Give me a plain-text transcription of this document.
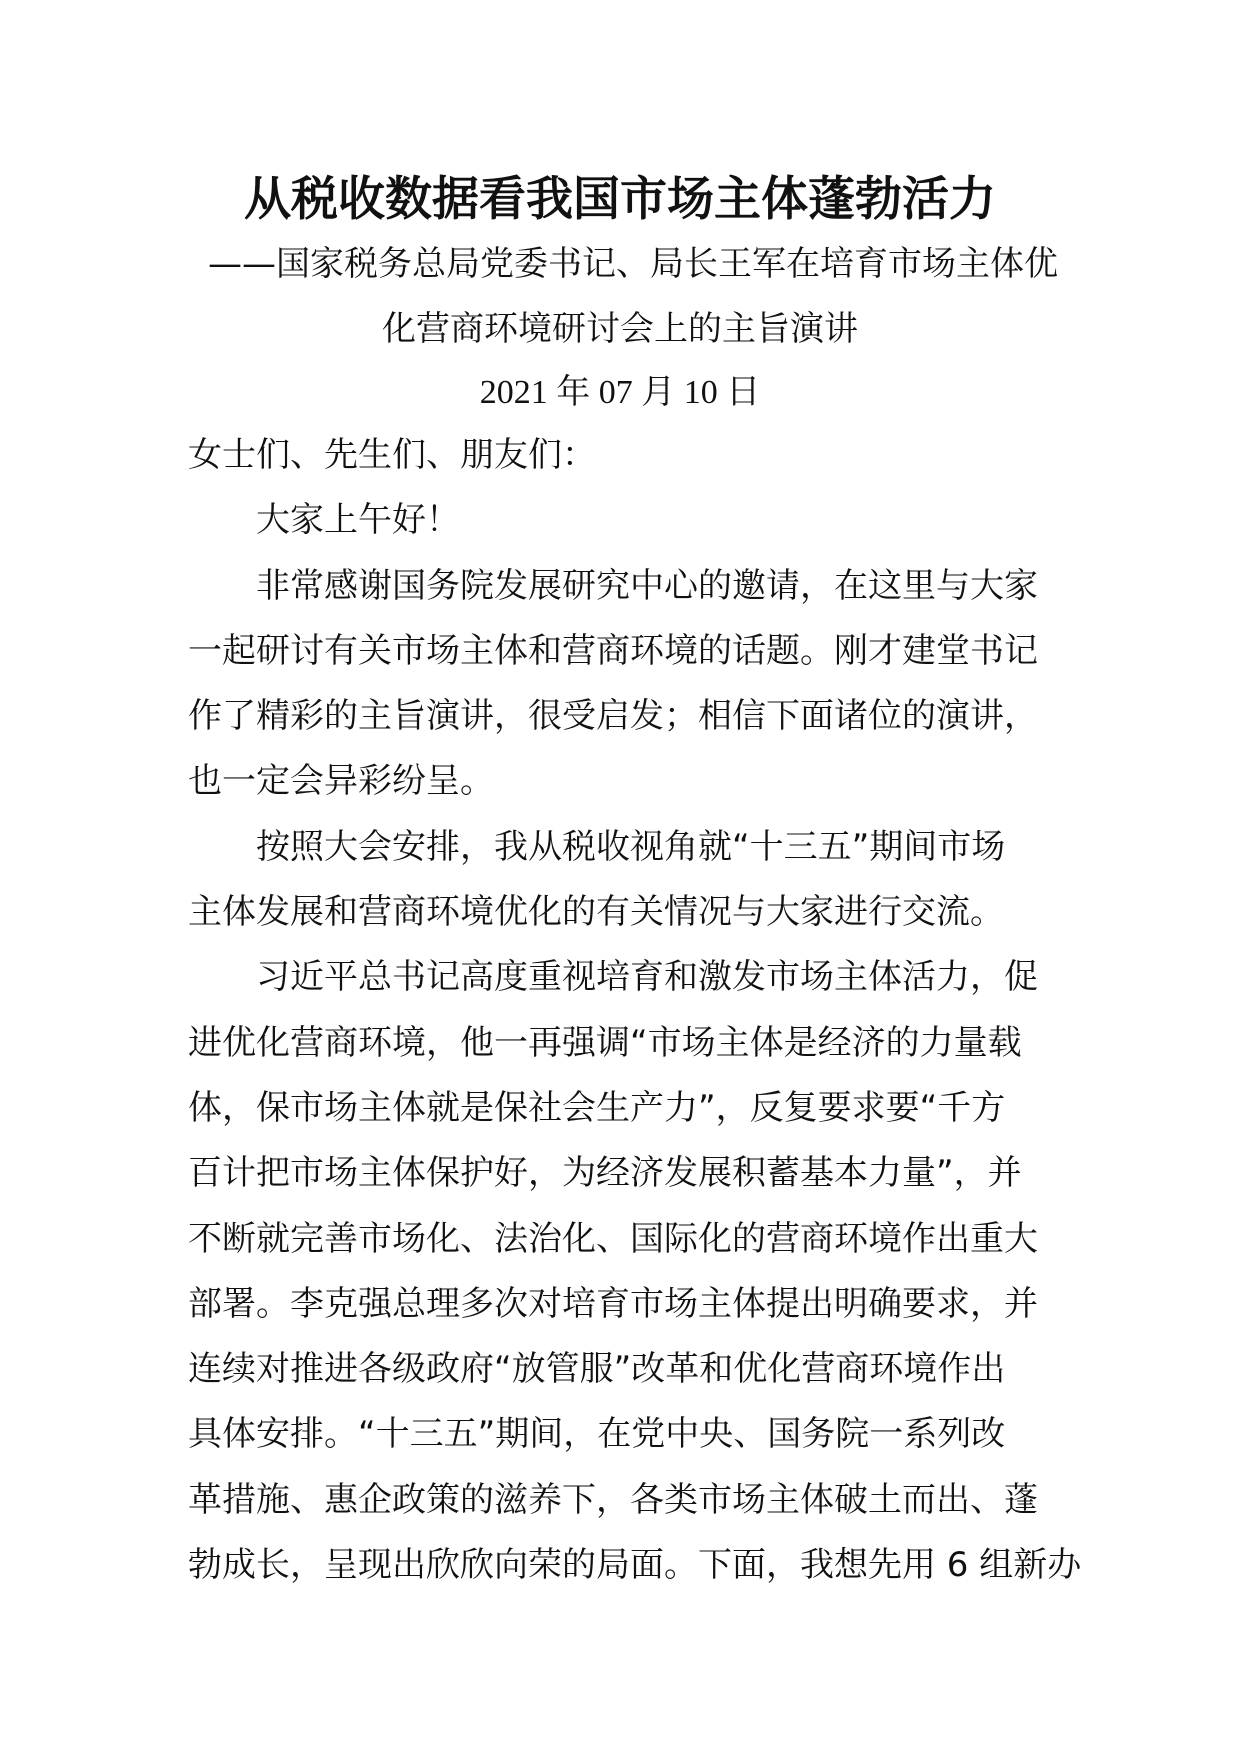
从税收数据看我国市场主体蓬勃活力
——国家税务总局党委书记、局长王军在培育市场主体优
化营商环境研讨会上的主旨演讲
2021 年 07 月 10 日
女士们、先生们、朋友们：
大家上午好！
非常感谢国务院发展研究中心的邀请，在这里与大家
一起研讨有关市场主体和营商环境的话题。刚才建堂书记
作了精彩的主旨演讲，很受启发；相信下面诸位的演讲，
也一定会异彩纷呈。
按照大会安排，我从税收视角就“十三五”期间市场
主体发展和营商环境优化的有关情况与大家进行交流。
习近平总书记高度重视培育和激发市场主体活力，促
进优化营商环境，他一再强调“市场主体是经济的力量载
体，保市场主体就是保社会生产力”，反复要求要“千方
百计把市场主体保护好，为经济发展积蓄基本力量”，并
不断就完善市场化、法治化、国际化的营商环境作出重大
部署。李克强总理多次对培育市场主体提出明确要求，并
连续对推进各级政府“放管服”改革和优化营商环境作出
具体安排。“十三五”期间，在党中央、国务院一系列改
革措施、惠企政策的滋养下，各类市场主体破土而出、蓬
勃成长，呈现出欣欣向荣的局面。下面，我想先用 6 组新办
